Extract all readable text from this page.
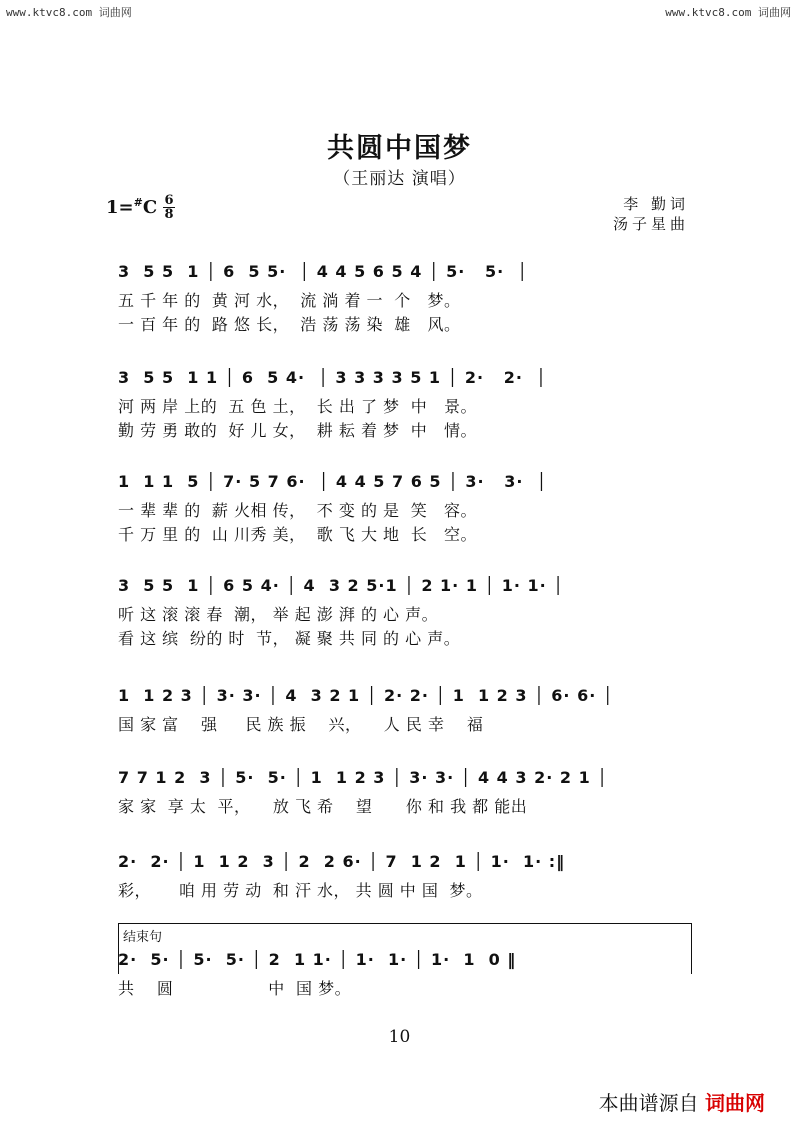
www.ktvc8.com 词曲网	www.ktvc8.com 词曲网
共圆中国梦
（王丽达 演唱）
1=#C 6
8
李 勤词
汤子星曲
3  5 5  1 │ 6  5 5·  │ 4 4 5 6 5 4 │ 5·   5·  │
五 千 年 的  黄 河 水，  流 淌 着 一  个   梦。
一 百 年 的  路 悠 长，  浩 荡 荡 染  雄   风。
3  5 5  1 1 │ 6  5 4·  │ 3 3 3 3 5 1 │ 2·   2·  │
河 两 岸 上的  五 色 土，  长 出 了 梦  中   景。
勤 劳 勇 敢的  好 儿 女，  耕 耘 着 梦  中   情。
1  1 1  5 │ 7· 5 7 6·  │ 4 4 5 7 6 5 │ 3·   3·  │
一 辈 辈 的  薪 火相 传，  不 变 的 是  笑   容。
千 万 里 的  山 川秀 美，  歌 飞 大 地  长   空。
3  5 5  1 │ 6 5 4· │ 4  3 2 5·1 │ 2 1· 1 │ 1· 1· │
听 这 滚 滚 春  潮， 举 起 澎 湃 的 心 声。
看 这 缤  纷的 时  节， 凝 聚 共 同 的 心 声。
1  1 2 3 │ 3· 3· │ 4  3 2 1 │ 2· 2· │ 1  1 2 3 │ 6· 6· │
国 家 富    强     民 族 振    兴，    人 民 幸    福
7 7 1 2  3 │ 5·  5· │ 1  1 2 3 │ 3· 3· │ 4 4 3 2· 2 1 │
家 家  享 太  平，    放 飞 希    望      你 和 我 都 能出
2·  2· │ 1  1 2  3 │ 2  2 6· │ 7  1 2  1 │ 1·  1· :‖
彩，     咱 用 劳 动  和 汗 水， 共 圆 中 国  梦。
结束句
2·  5· │ 5·  5· │ 2  1 1· │ 1·  1· │ 1·  1  0 ‖
共    圆                 中  国 梦。
10
本曲谱源自 词曲网
